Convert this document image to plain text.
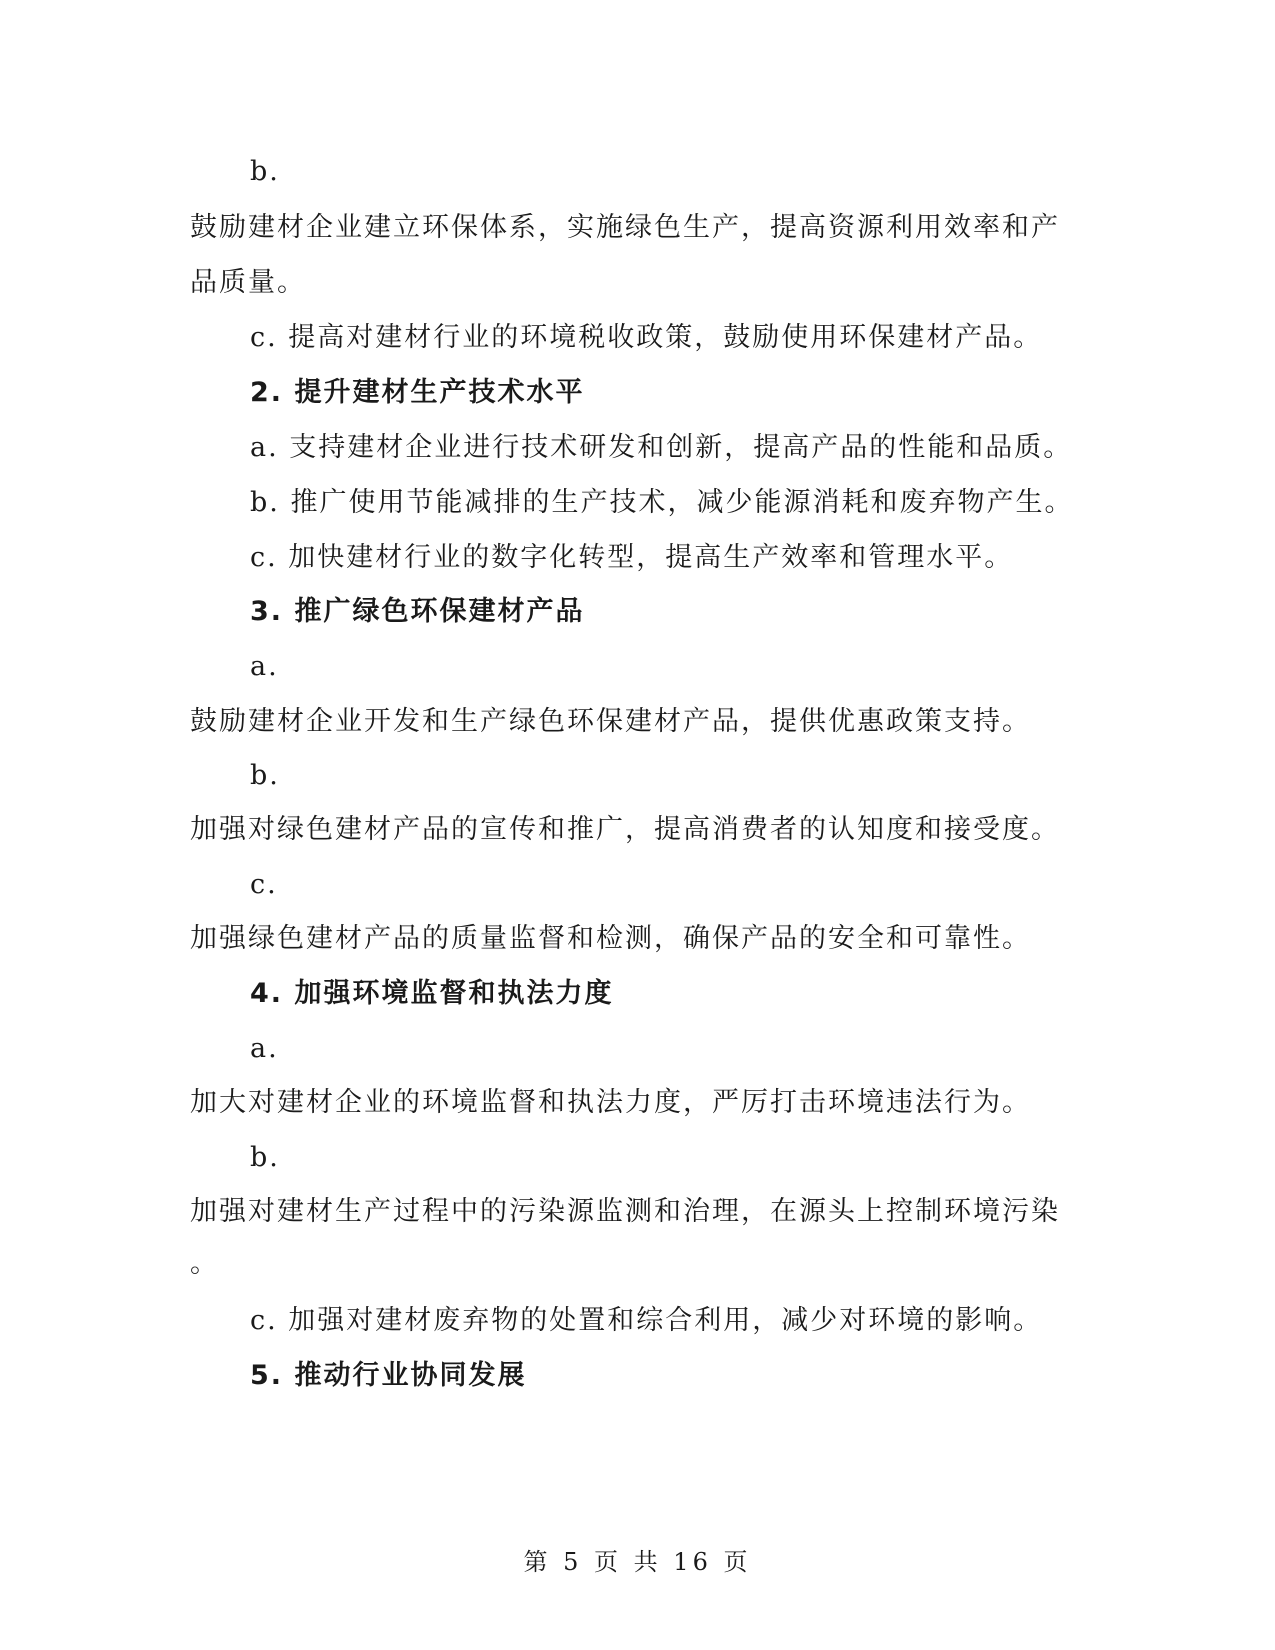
b.
鼓励建材企业建立环保体系，实施绿色生产，提高资源利用效率和产
品质量。
c. 提高对建材行业的环境税收政策，鼓励使用环保建材产品。
2. 提升建材生产技术水平
a. 支持建材企业进行技术研发和创新，提高产品的性能和品质。
b. 推广使用节能减排的生产技术，减少能源消耗和废弃物产生。
c. 加快建材行业的数字化转型，提高生产效率和管理水平。
3. 推广绿色环保建材产品
a.
鼓励建材企业开发和生产绿色环保建材产品，提供优惠政策支持。
b.
加强对绿色建材产品的宣传和推广，提高消费者的认知度和接受度。
c.
加强绿色建材产品的质量监督和检测，确保产品的安全和可靠性。
4. 加强环境监督和执法力度
a.
加大对建材企业的环境监督和执法力度，严厉打击环境违法行为。
b.
加强对建材生产过程中的污染源监测和治理，在源头上控制环境污染
。
c. 加强对建材废弃物的处置和综合利用，减少对环境的影响。
5. 推动行业协同发展
第 5 页 共 16 页
